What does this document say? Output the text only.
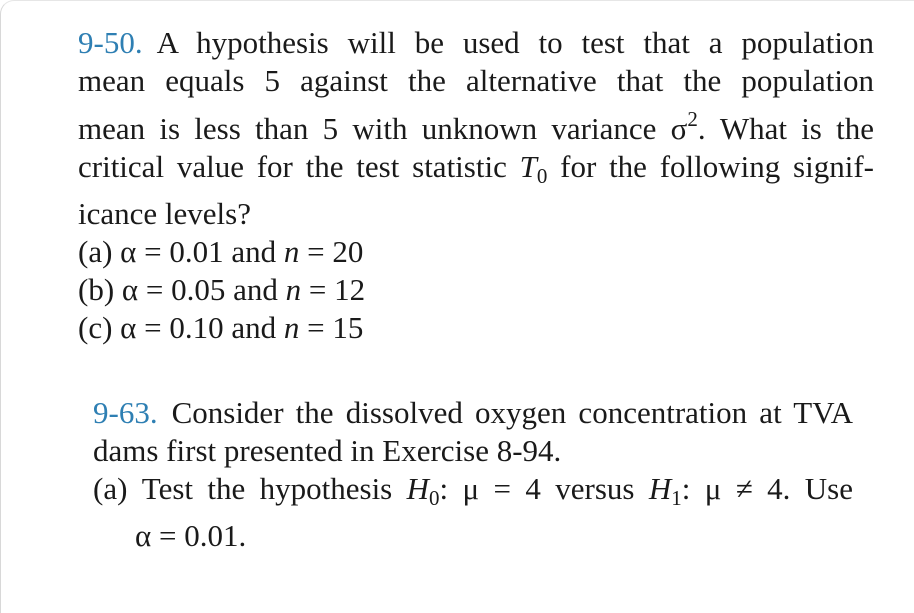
9-50. A hypothesis will be used to test that a population
mean equals 5 against the alternative that the population
mean is less than 5 with unknown variance $\sigma^2$. What is the
critical value for the test statistic $T_0$ for the following signif-
icance levels?
(a) α = 0.01 and n = 20
(b) α = 0.05 and n = 12
(c) α = 0.10 and n = 15
9-63. Consider the dissolved oxygen concentration at TVA
dams first presented in Exercise 8-94.
(a) Test the hypothesis $H_0$: μ = 4 versus $H_1$: μ ≠ 4. Use
α = 0.01.
